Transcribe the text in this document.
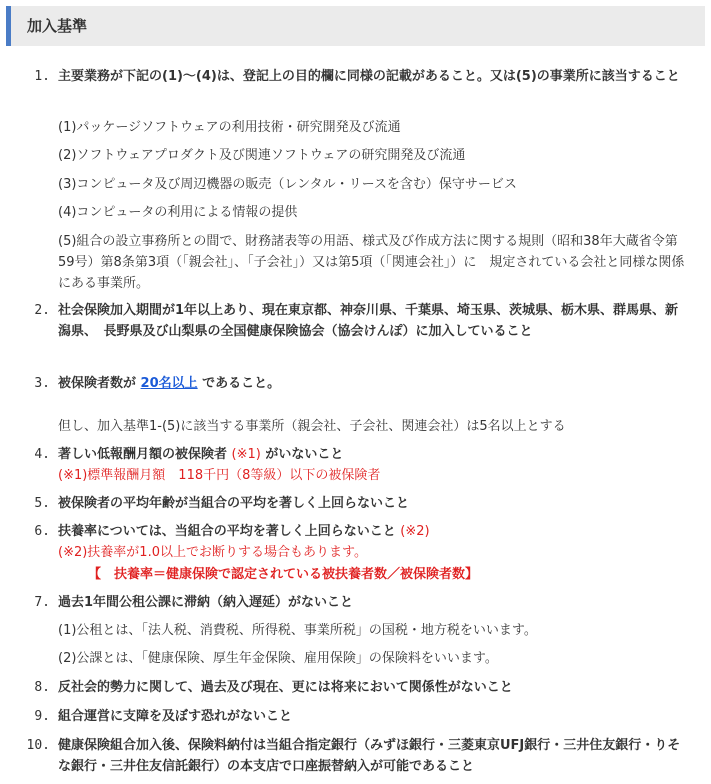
加入基準
1. 主要業務が下記の(1)〜(4)は、登記上の目的欄に同様の記載があること。又は(5)の事業所に該当すること
(1)パッケージソフトウェアの利用技術・研究開発及び流通
(2)ソフトウェアプロダクト及び関連ソフトウェアの研究開発及び流通
(3)コンピュータ及び周辺機器の販売（レンタル・リースを含む）保守サービス
(4)コンピュータの利用による情報の提供
(5)組合の設立事務所との間で、財務諸表等の用語、様式及び作成方法に関する規則（昭和38年大蔵省令第59号）第8条第3項（「親会社」、「子会社」）又は第5項（「関連会社」）に　規定されている会社と同様な関係にある事業所。
2. 社会保険加入期間が1年以上あり、現在東京都、神奈川県、千葉県、埼玉県、茨城県、栃木県、群馬県、新潟県、　長野県及び山梨県の全国健康保険協会（協会けんぽ）に加入していること
3. 被保険者数が 20名以上 であること。
但し、加入基準1-(5)に該当する事業所（親会社、子会社、関連会社）は5名以上とする
4. 著しい低報酬月額の被保険者 (※1) がいないこと
(※1)標準報酬月額　118千円（8等級）以下の被保険者
5. 被保険者の平均年齢が当組合の平均を著しく上回らないこと
6. 扶養率については、当組合の平均を著しく上回らないこと (※2)
(※2)扶養率が1.0以上でお断りする場合もあります。
【　扶養率＝健康保険で認定されている被扶養者数／被保険者数】
7. 過去1年間公租公課に滞納（納入遅延）がないこと
(1)公租とは、「法人税、消費税、所得税、事業所税」の国税・地方税をいいます。
(2)公課とは、「健康保険、厚生年金保険、雇用保険」の保険料をいいます。
8. 反社会的勢力に関して、過去及び現在、更には将来において関係性がないこと
9. 組合運営に支障を及ぼす恐れがないこと
10. 健康保険組合加入後、保険料納付は当組合指定銀行（みずほ銀行・三菱東京UFJ銀行・三井住友銀行・りそな銀行・三井住友信託銀行）の本支店で口座振替納入が可能であること
